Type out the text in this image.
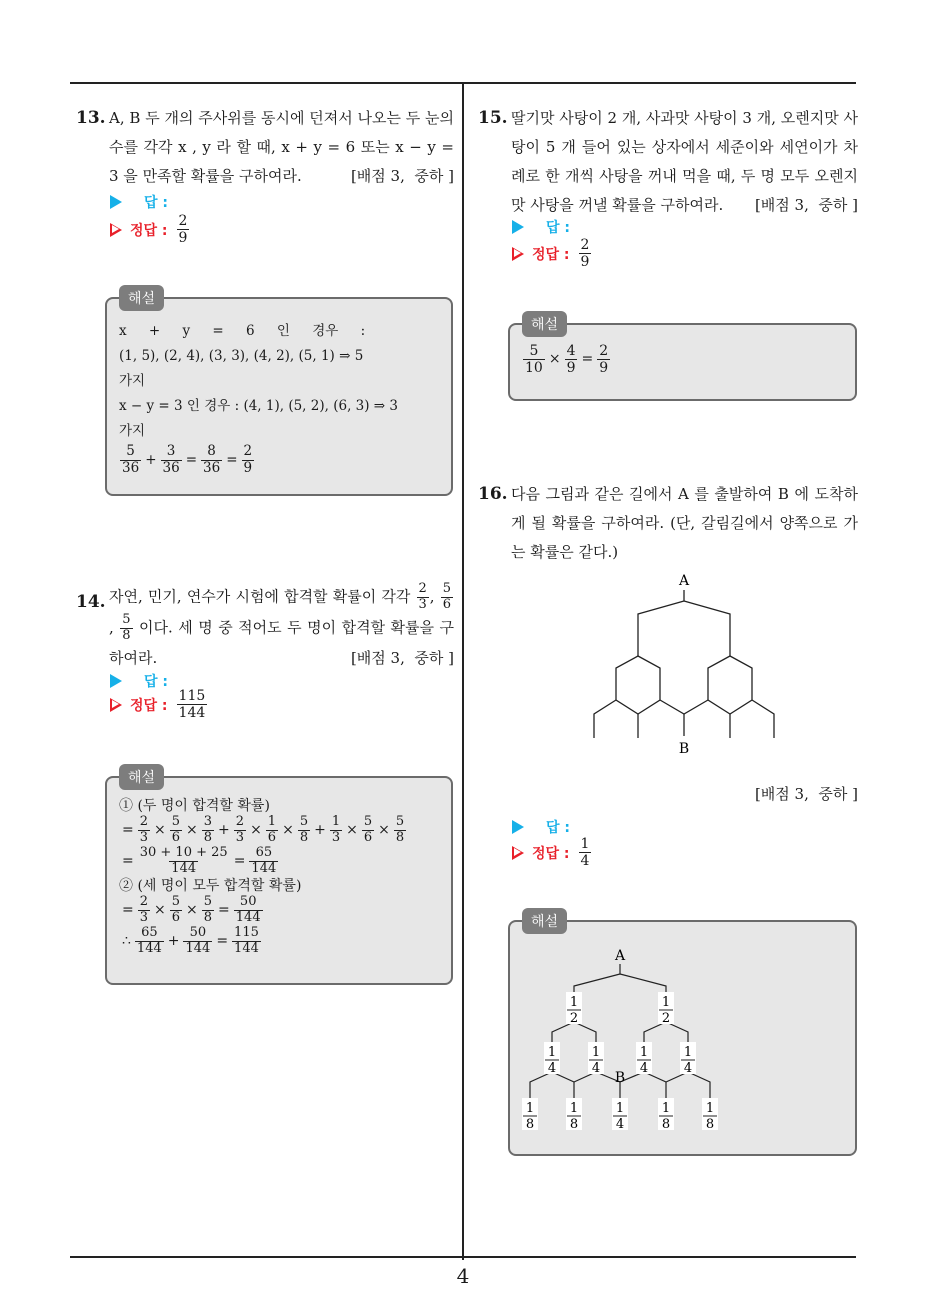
4
13. A, B 두 개의 주사위를 동시에 던져서 나오는 두 눈의 수를 각각 x , y 라 할 때, x + y = 6 또는 x − y = 3 을 만족할 확률을 구하여라.	[배점 3,  중하 ]
답 :
정답 : $\frac{2}{9}$
해설
x + y = 6 인 경우 :
(1, 5), (2, 4), (3, 3), (4, 2), (5, 1) ⇒ 5
가지
x − y = 3 인 경우 : (4, 1), (5, 2), (6, 3) ⇒ 3
가지
$\frac{5}{36} + \frac{3}{36} = \frac{8}{36} = \frac{2}{9}$
14. 자연, 민기, 연수가 시험에 합격할 확률이 각각 $\frac{2}{3}$ , $\frac{5}{6}$
, $\frac{5}{8}$ 이다. 세 명 중 적어도 두 명이 합격할 확률을 구하여라.	[배점 3,  중하 ]
답 :
정답 : $\frac{115}{144}$
해설
① (두 명이 합격할 확률)
= $\frac{2}{3} \times \frac{5}{6} \times \frac{3}{8} + \frac{2}{3} \times \frac{1}{6} \times \frac{5}{8} + \frac{1}{3} \times \frac{5}{6} \times \frac{5}{8}$
= $\frac{30 + 10 + 25}{144} = \frac{65}{144}$
② (세 명이 모두 합격할 확률)
= $\frac{2}{3} \times \frac{5}{6} \times \frac{5}{8} = \frac{50}{144}$
∴ $\frac{65}{144} + \frac{50}{144} = \frac{115}{144}$
15. 딸기맛 사탕이 2 개, 사과맛 사탕이 3 개, 오렌지맛 사탕이 5 개 들어 있는 상자에서 세준이와 세연이가 차례로 한 개씩 사탕을 꺼내 먹을 때, 두 명 모두 오렌지맛 사탕을 꺼낼 확률을 구하여라.	[배점 3,  중하 ]
답 :
정답 : $\frac{2}{9}$
해설
$\frac{5}{10} \times \frac{4}{9} = \frac{2}{9}$
16. 다음 그림과 같은 길에서 A 를 출발하여 B 에 도착하게 될 확률을 구하여라. (단, 갈림길에서 양쪽으로 가는 확률은 같다.)
A
B
[배점 3,  중하 ]
답 :
정답 : $\frac{1}{4}$
해설
A
1
2
1
2
1
4
1
4
1
4
1
4
B
1
8
1
8
1
4
1
8
1
8
